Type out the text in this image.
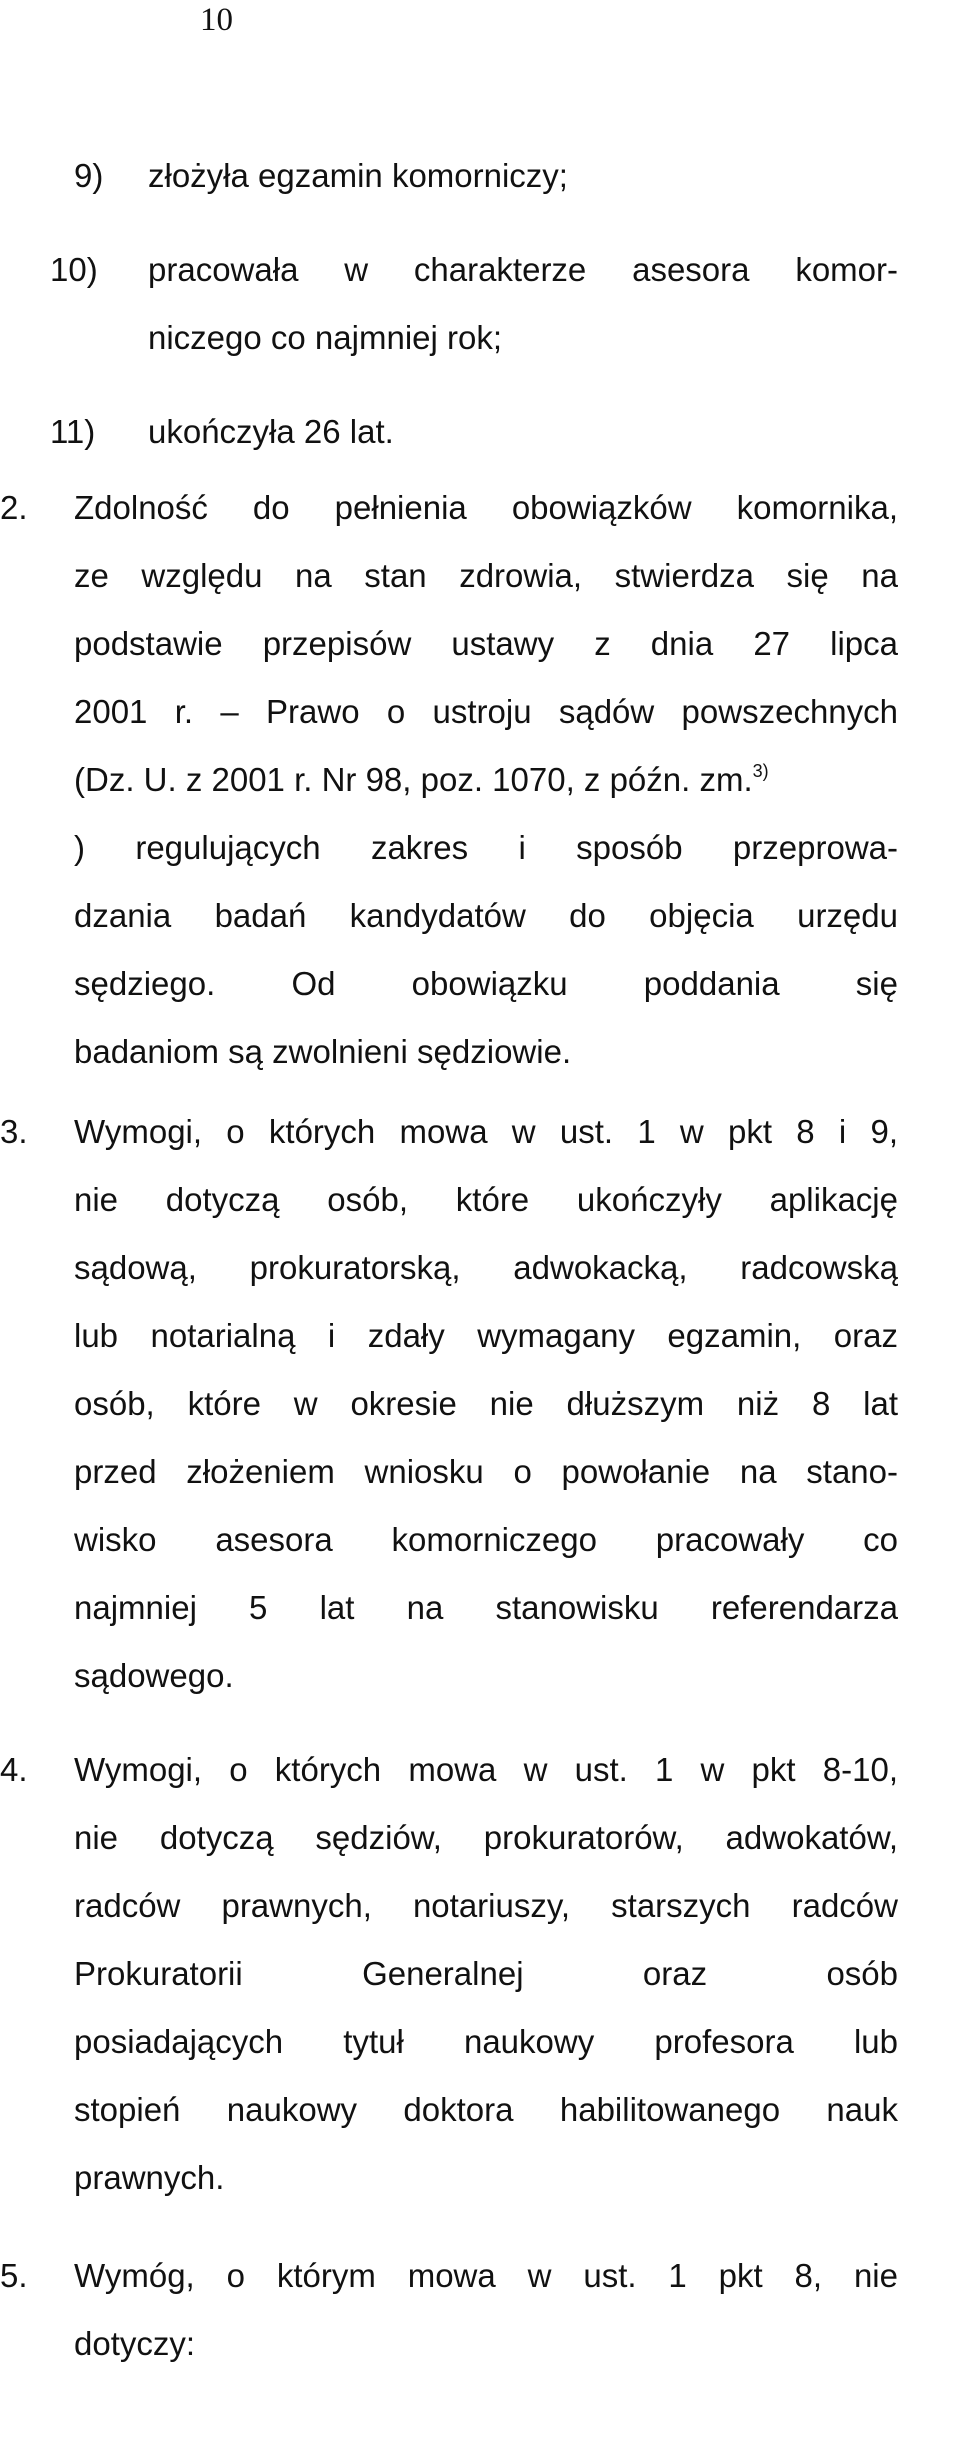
10
9) złożyła egzamin komorniczy;
10) pracowała w charakterze asesora komor-
niczego co najmniej rok;
11) ukończyła 26 lat.
2. Zdolność do pełnienia obowiązków komornika,
ze względu na stan zdrowia, stwierdza się na
podstawie przepisów ustawy z dnia 27 lipca
2001 r. – Prawo o ustroju sądów powszechnych
(Dz. U. z 2001 r. Nr 98, poz. 1070, z późn. zm.$^{3)}$
) regulujących zakres i sposób przeprowa-
dzania badań kandydatów do objęcia urzędu
sędziego. Od obowiązku poddania się
badaniom są zwolnieni sędziowie.
3. Wymogi, o których mowa w ust. 1 w pkt 8 i 9,
nie dotyczą osób, które ukończyły aplikację
sądową, prokuratorską, adwokacką, radcowską
lub notarialną i zdały wymagany egzamin, oraz
osób, które w okresie nie dłuższym niż 8 lat
przed złożeniem wniosku o powołanie na stano-
wisko asesora komorniczego pracowały co
najmniej 5 lat na stanowisku referendarza
sądowego.
4. Wymogi, o których mowa w ust. 1 w pkt 8-10,
nie dotyczą sędziów, prokuratorów, adwokatów,
radców prawnych, notariuszy, starszych radców
Prokuratorii Generalnej oraz osób
posiadających tytuł naukowy profesora lub
stopień naukowy doktora habilitowanego nauk
prawnych.
5. Wymóg, o którym mowa w ust. 1 pkt 8, nie
dotyczy:
